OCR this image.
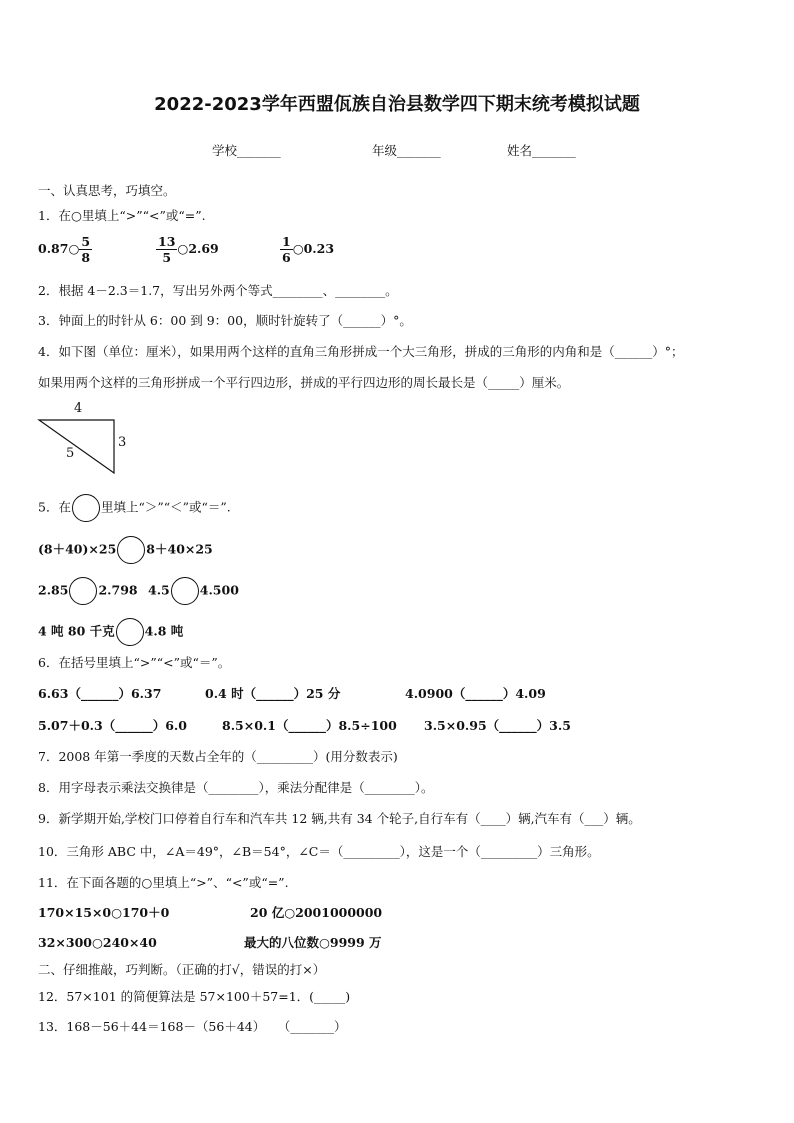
2022-2023学年西盟佤族自治县数学四下期末统考模拟试题
学校_______	年级_______	姓名_______
一、认真思考，巧填空。
1．在○里填上“>”“<”或“=”.
0.87○ $\frac{5}{8}$	$\frac{13}{5}$ ○2.69	$\frac{1}{6}$ ○0.23
2．根据 4－2.3＝1.7，写出另外两个等式________、________。
3．钟面上的时针从 6：00 到 9：00，顺时针旋转了（______）°。
4．如下图（单位：厘米），如果用两个这样的直角三角形拼成一个大三角形，拼成的三角形的内角和是（______）°；
如果用两个这样的三角形拼成一个平行四边形，拼成的平行四边形的周长最长是（_____）厘米。
4
3
5
5．在 里填上“＞”“＜”或“＝”.
(8＋40)×25 8＋40×25
2.85 2.798 4.5 4.500
4 吨 80 千克 4.8 吨
6．在括号里填上“>”“<”或“＝”。
6.63（______）6.37	0.4 时（______）25 分	4.0900（______）4.09
5.07＋0.3（______）6.0	8.5×0.1（______）8.5÷100 3.5×0.95（______）3.5
7．2008 年第一季度的天数占全年的（_________）(用分数表示)
8．用字母表示乘法交换律是（________），乘法分配律是（________）。
9．新学期开始,学校门口停着自行车和汽车共 12 辆,共有 34 个轮子,自行车有（____）辆,汽车有（___）辆。
10．三角形 ABC 中，∠A＝49°，∠B＝54°，∠C＝（_________），这是一个（_________）三角形。
11．在下面各题的○里填上“>”、“<”或“=”.
170×15×0○170＋0	20 亿○2001000000
32×300○240×40	最大的八位数○9999 万
二、仔细推敲，巧判断。（正确的打√，错误的打×）
12．57×101 的简便算法是 57×100＋57=1．(_____)
13．168－56＋44＝168－（56＋44）　　（_______）
